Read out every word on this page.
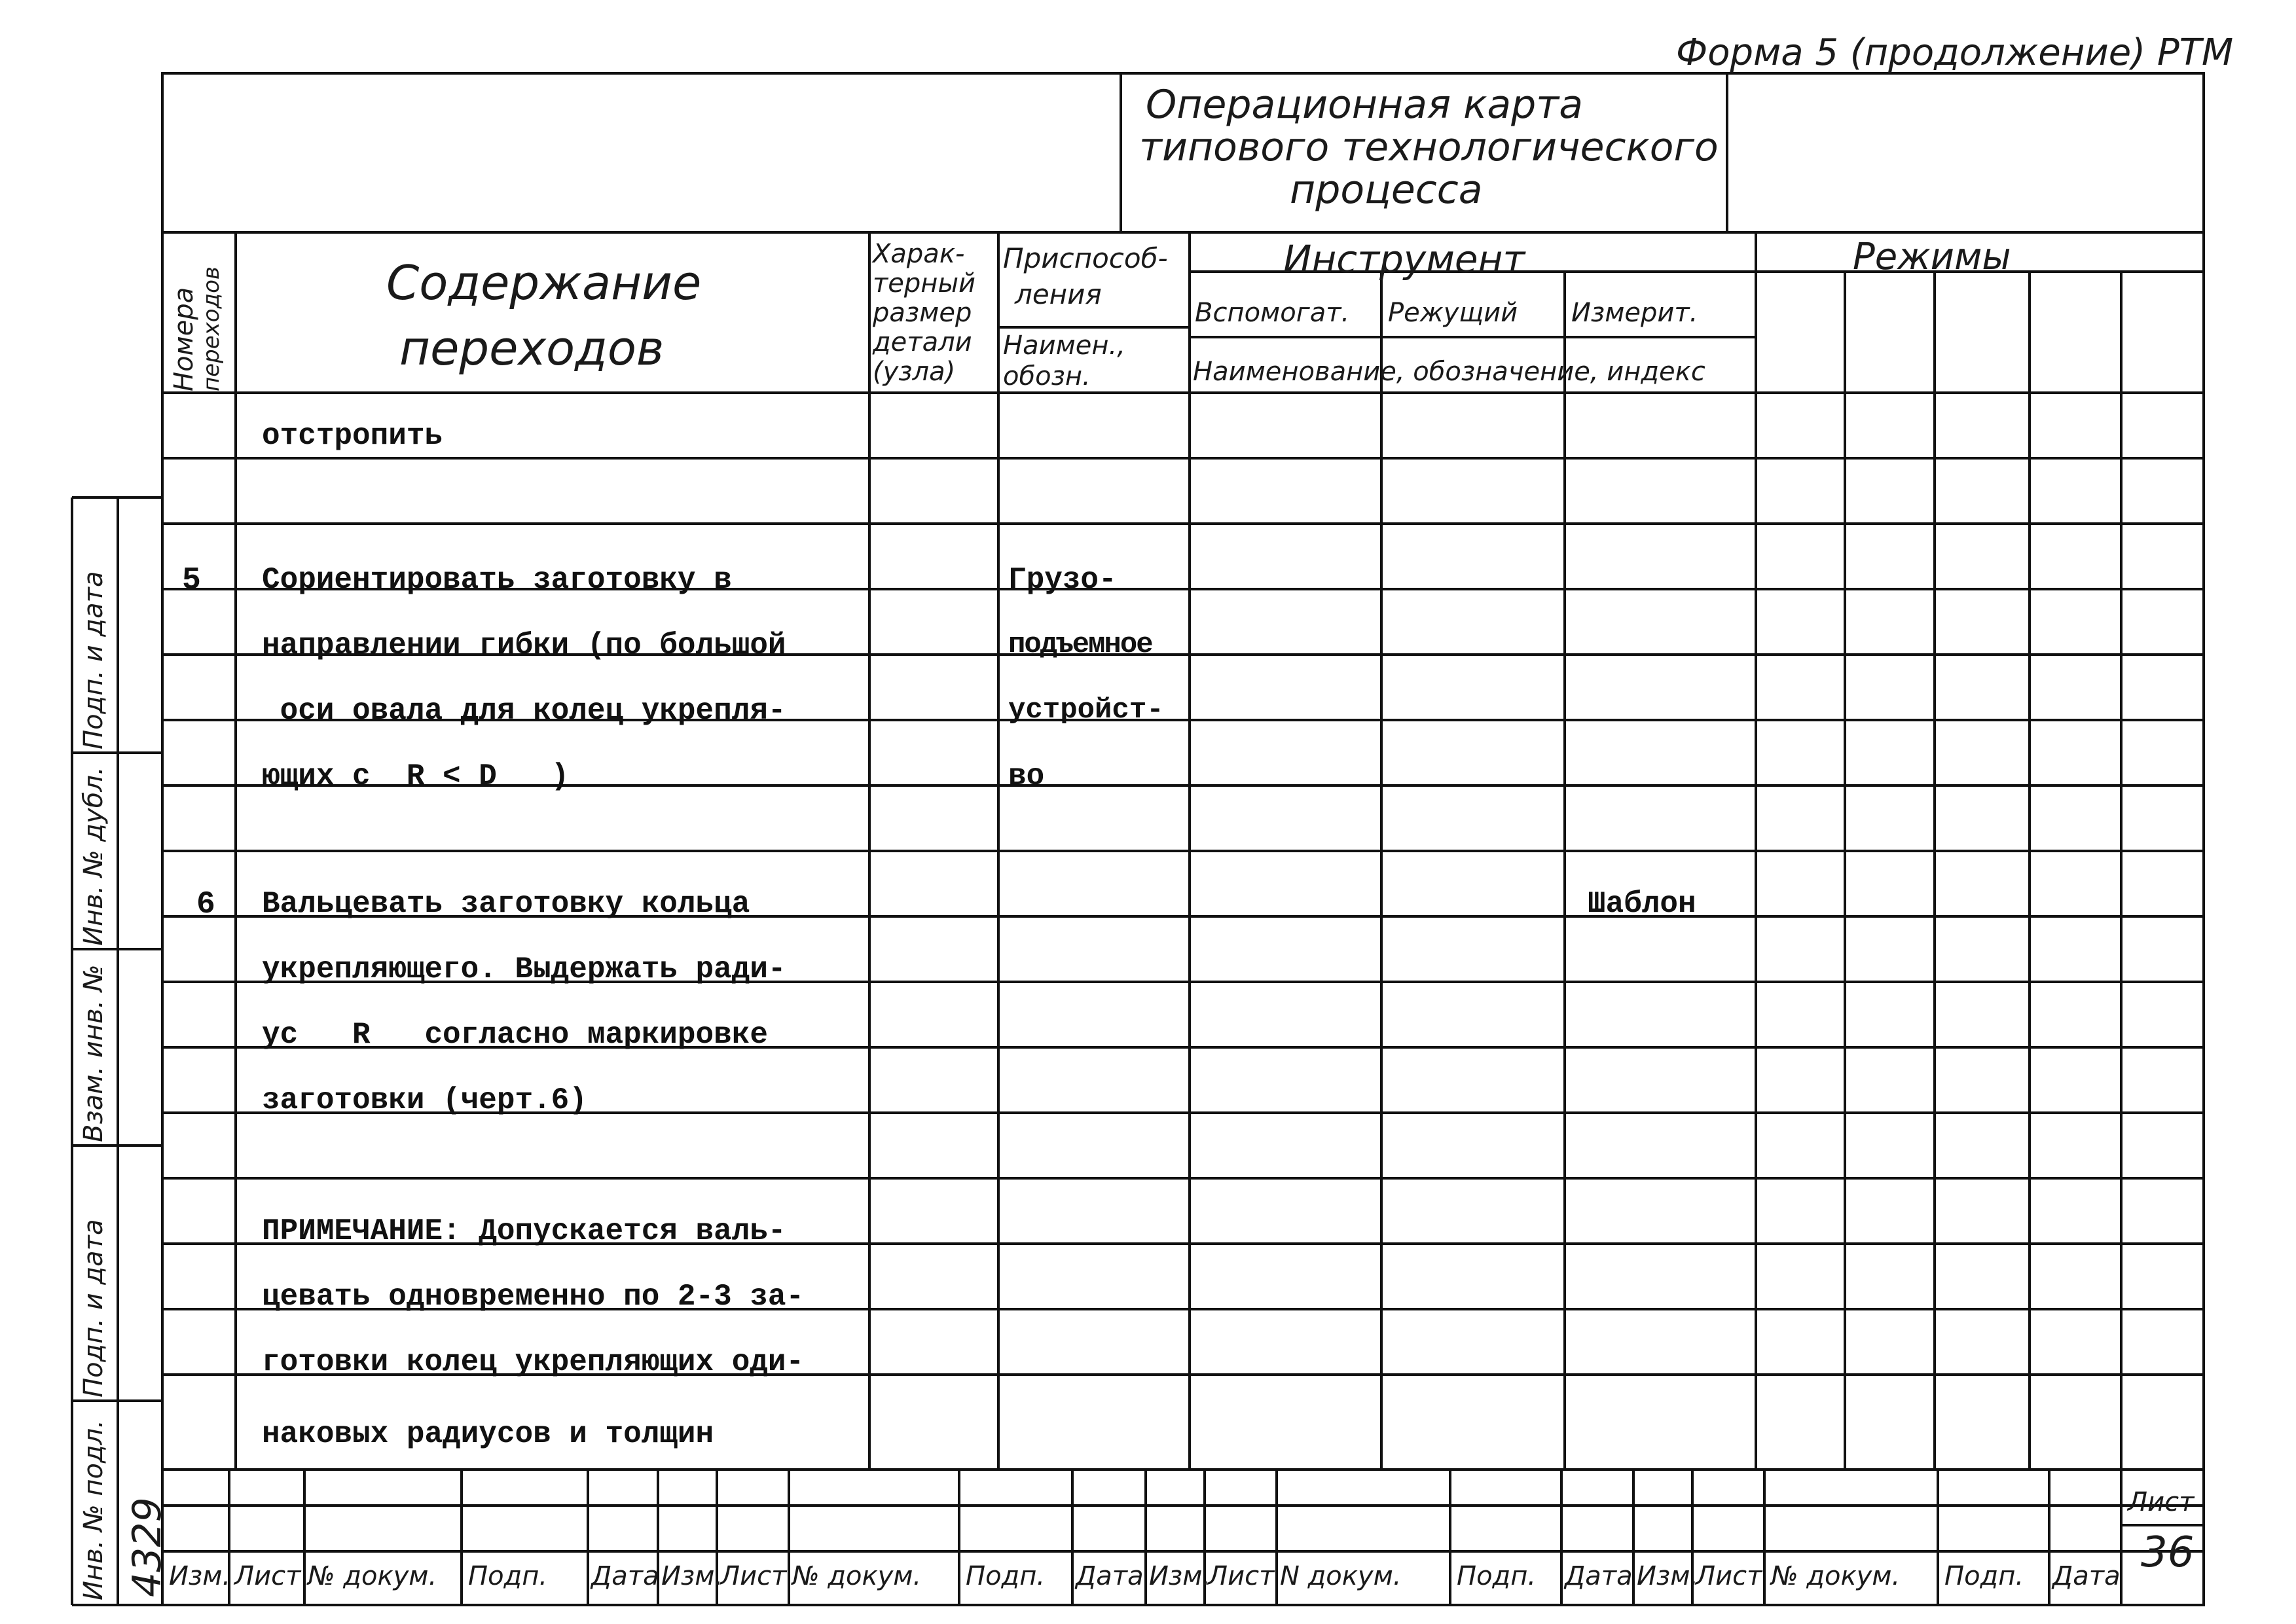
Форма 5 (продолжение) РТМ
Операционная карта
типового технологического
процесса
Номера переходов	Содержание
переходов
Харак-
терный
размер
детали
(узла)
Приспособ-
ления
Наимен.,
обозн.
Инструмент
Вспомогат. Режущий Измерит.
Наименование, обозначение, индекс
Режимы
5
6
отстропить
Сориентировать заготовку в
направлении гибки (по большой
оси овала для колец укрепля-
ющих с  R < D   )
Вальцевать заготовку кольца
укрепляющего. Выдержать ради-
ус   R   согласно маркировке
заготовки (черт.6)
ПРИМЕЧАНИЕ: Допускается валь-
цевать одновременно по 2-3 за-
готовки колец укрепляющих оди-
наковых радиусов и толщин
Грузо-
подъемное
устройст-
во
Шаблон
Подп. и дата
Инв. № дубл.
Взам. инв. №
Подп. и дата
Инв. № подл. 4329
Изм. Лист № докум. Подп. Дата Изм.
Лист № докум. Подп. Дата Изм.
Лист N докум. Подп. Дата Изм.
Лист № докум. Подп. Дата
Лист
36
